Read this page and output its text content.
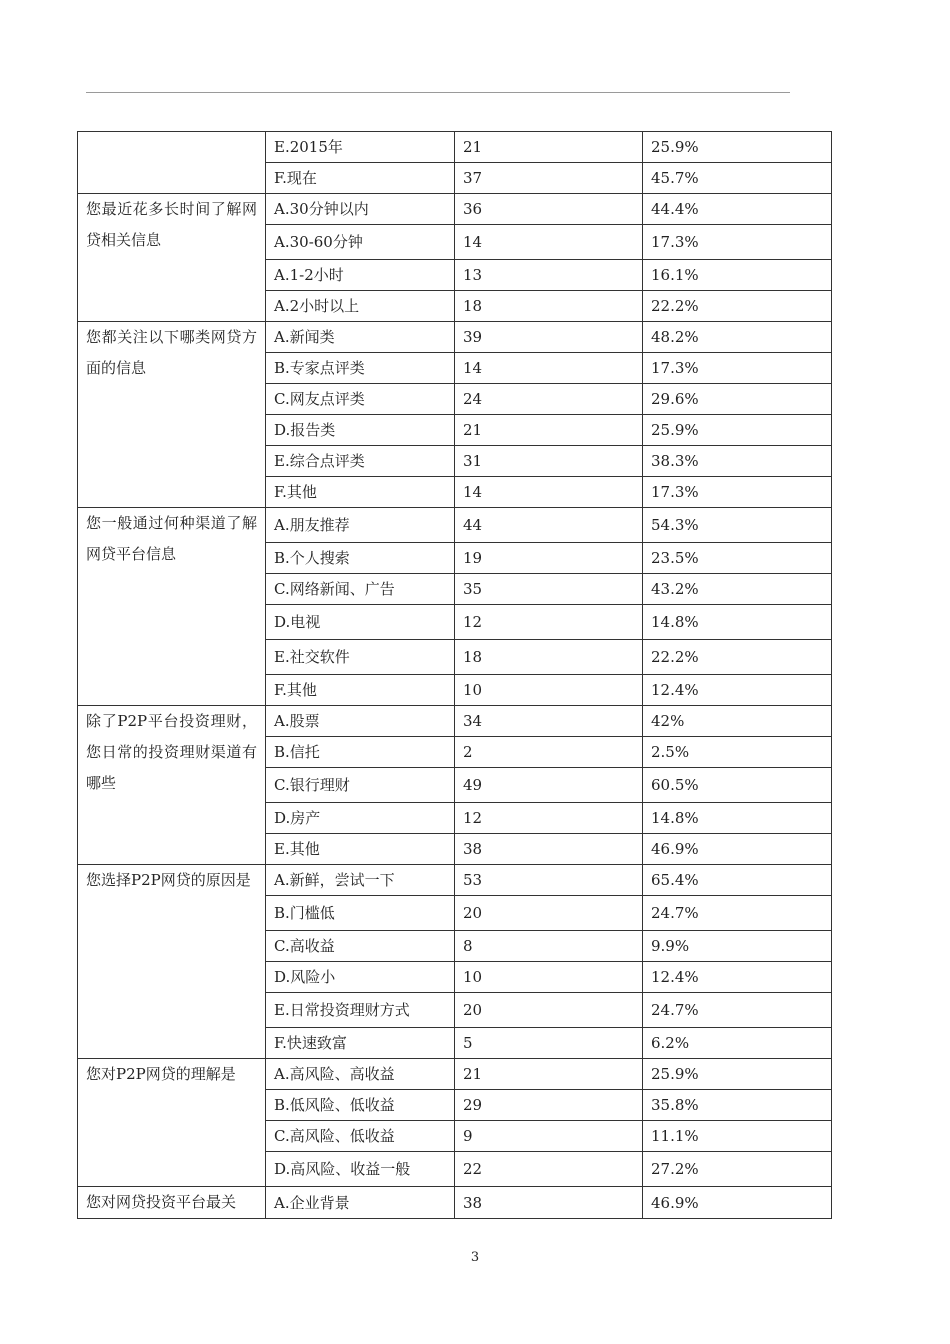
	E.2015年	21	25.9%
	F.现在	37	45.7%
您最近花多长时间了解网贷相关信息	A.30分钟以内	36	44.4%
	A.30-60分钟	14	17.3%
	A.1-2小时	13	16.1%
	A.2小时以上	18	22.2%
您都关注以下哪类网贷方面的信息	A.新闻类	39	48.2%
	B.专家点评类	14	17.3%
	C.网友点评类	24	29.6%
	D.报告类	21	25.9%
	E.综合点评类	31	38.3%
	F.其他	14	17.3%
您一般通过何种渠道了解网贷平台信息	A.朋友推荐	44	54.3%
	B.个人搜索	19	23.5%
	C.网络新闻、广告	35	43.2%
	D.电视	12	14.8%
	E.社交软件	18	22.2%
	F.其他	10	12.4%
除了P2P平台投资理财，您日常的投资理财渠道有哪些	A.股票	34	42%
	B.信托	2	2.5%
	C.银行理财	49	60.5%
	D.房产	12	14.8%
	E.其他	38	46.9%
您选择P2P网贷的原因是	A.新鲜，尝试一下	53	65.4%
	B.门槛低	20	24.7%
	C.高收益	8	9.9%
	D.风险小	10	12.4%
	E.日常投资理财方式	20	24.7%
	F.快速致富	5	6.2%
您对P2P网贷的理解是	A.高风险、高收益	21	25.9%
	B.低风险、低收益	29	35.8%
	C.高风险、低收益	9	11.1%
	D.高风险、收益一般	22	27.2%
您对网贷投资平台最关	A.企业背景	38	46.9%
3
